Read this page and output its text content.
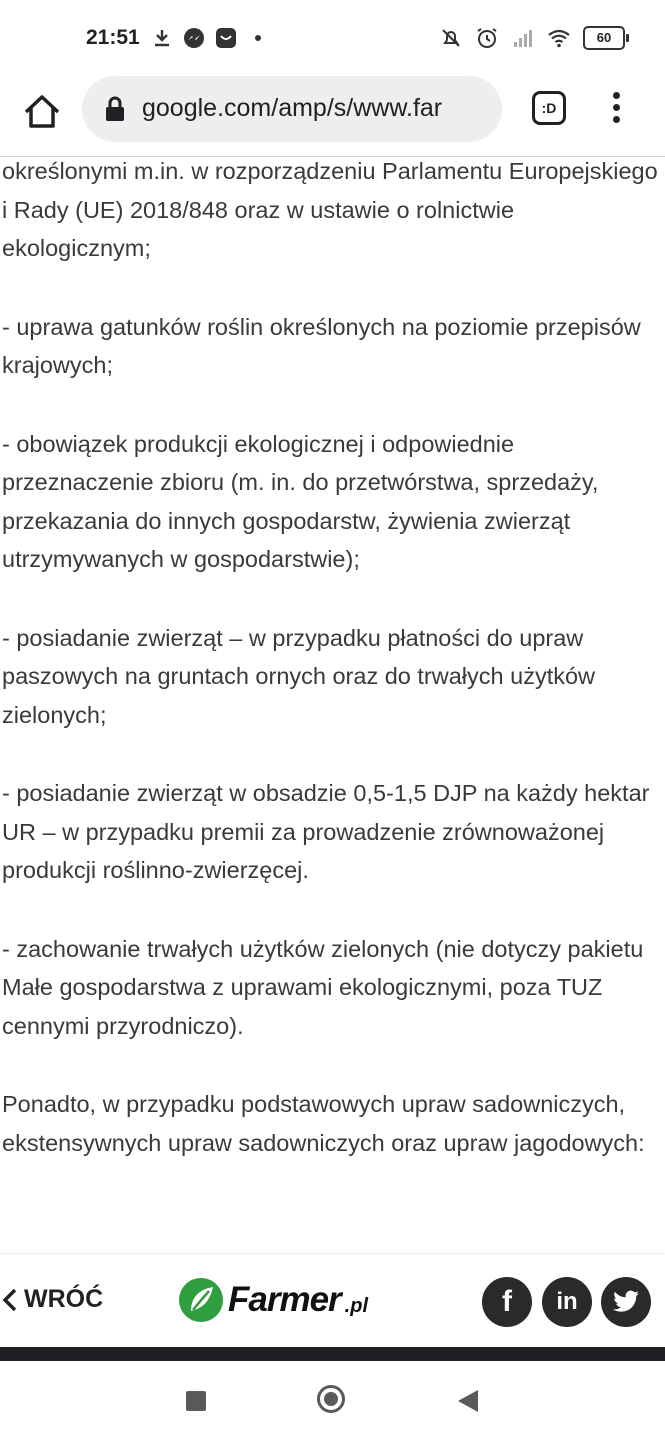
21:51	60
google.com/amp/s/www.far	:D

określonymi m.in. w rozporządzeniu Parlamentu Europejskiego i Rady (UE) 2018/848 oraz w ustawie o rolnictwie ekologicznym;

- uprawa gatunków roślin określonych na poziomie przepisów krajowych;

- obowiązek produkcji ekologicznej i odpowiednie przeznaczenie zbioru (m. in. do przetwórstwa, sprzedaży, przekazania do innych gospodarstw, żywienia zwierząt utrzymywanych w gospodarstwie);

- posiadanie zwierząt – w przypadku płatności do upraw paszowych na gruntach ornych oraz do trwałych użytków zielonych;

- posiadanie zwierząt w obsadzie 0,5-1,5 DJP na każdy hektar UR – w przypadku premii za prowadzenie zrównoważonej produkcji roślinno-zwierzęcej.

- zachowanie trwałych użytków zielonych (nie dotyczy pakietu Małe gospodarstwa z uprawami ekologicznymi, poza TUZ cennymi przyrodniczo).

Ponadto, w przypadku podstawowych upraw sadowniczych, ekstensywnych upraw sadowniczych oraz upraw jagodowych:

WRÓĆ	Farmer .pl	f	in
